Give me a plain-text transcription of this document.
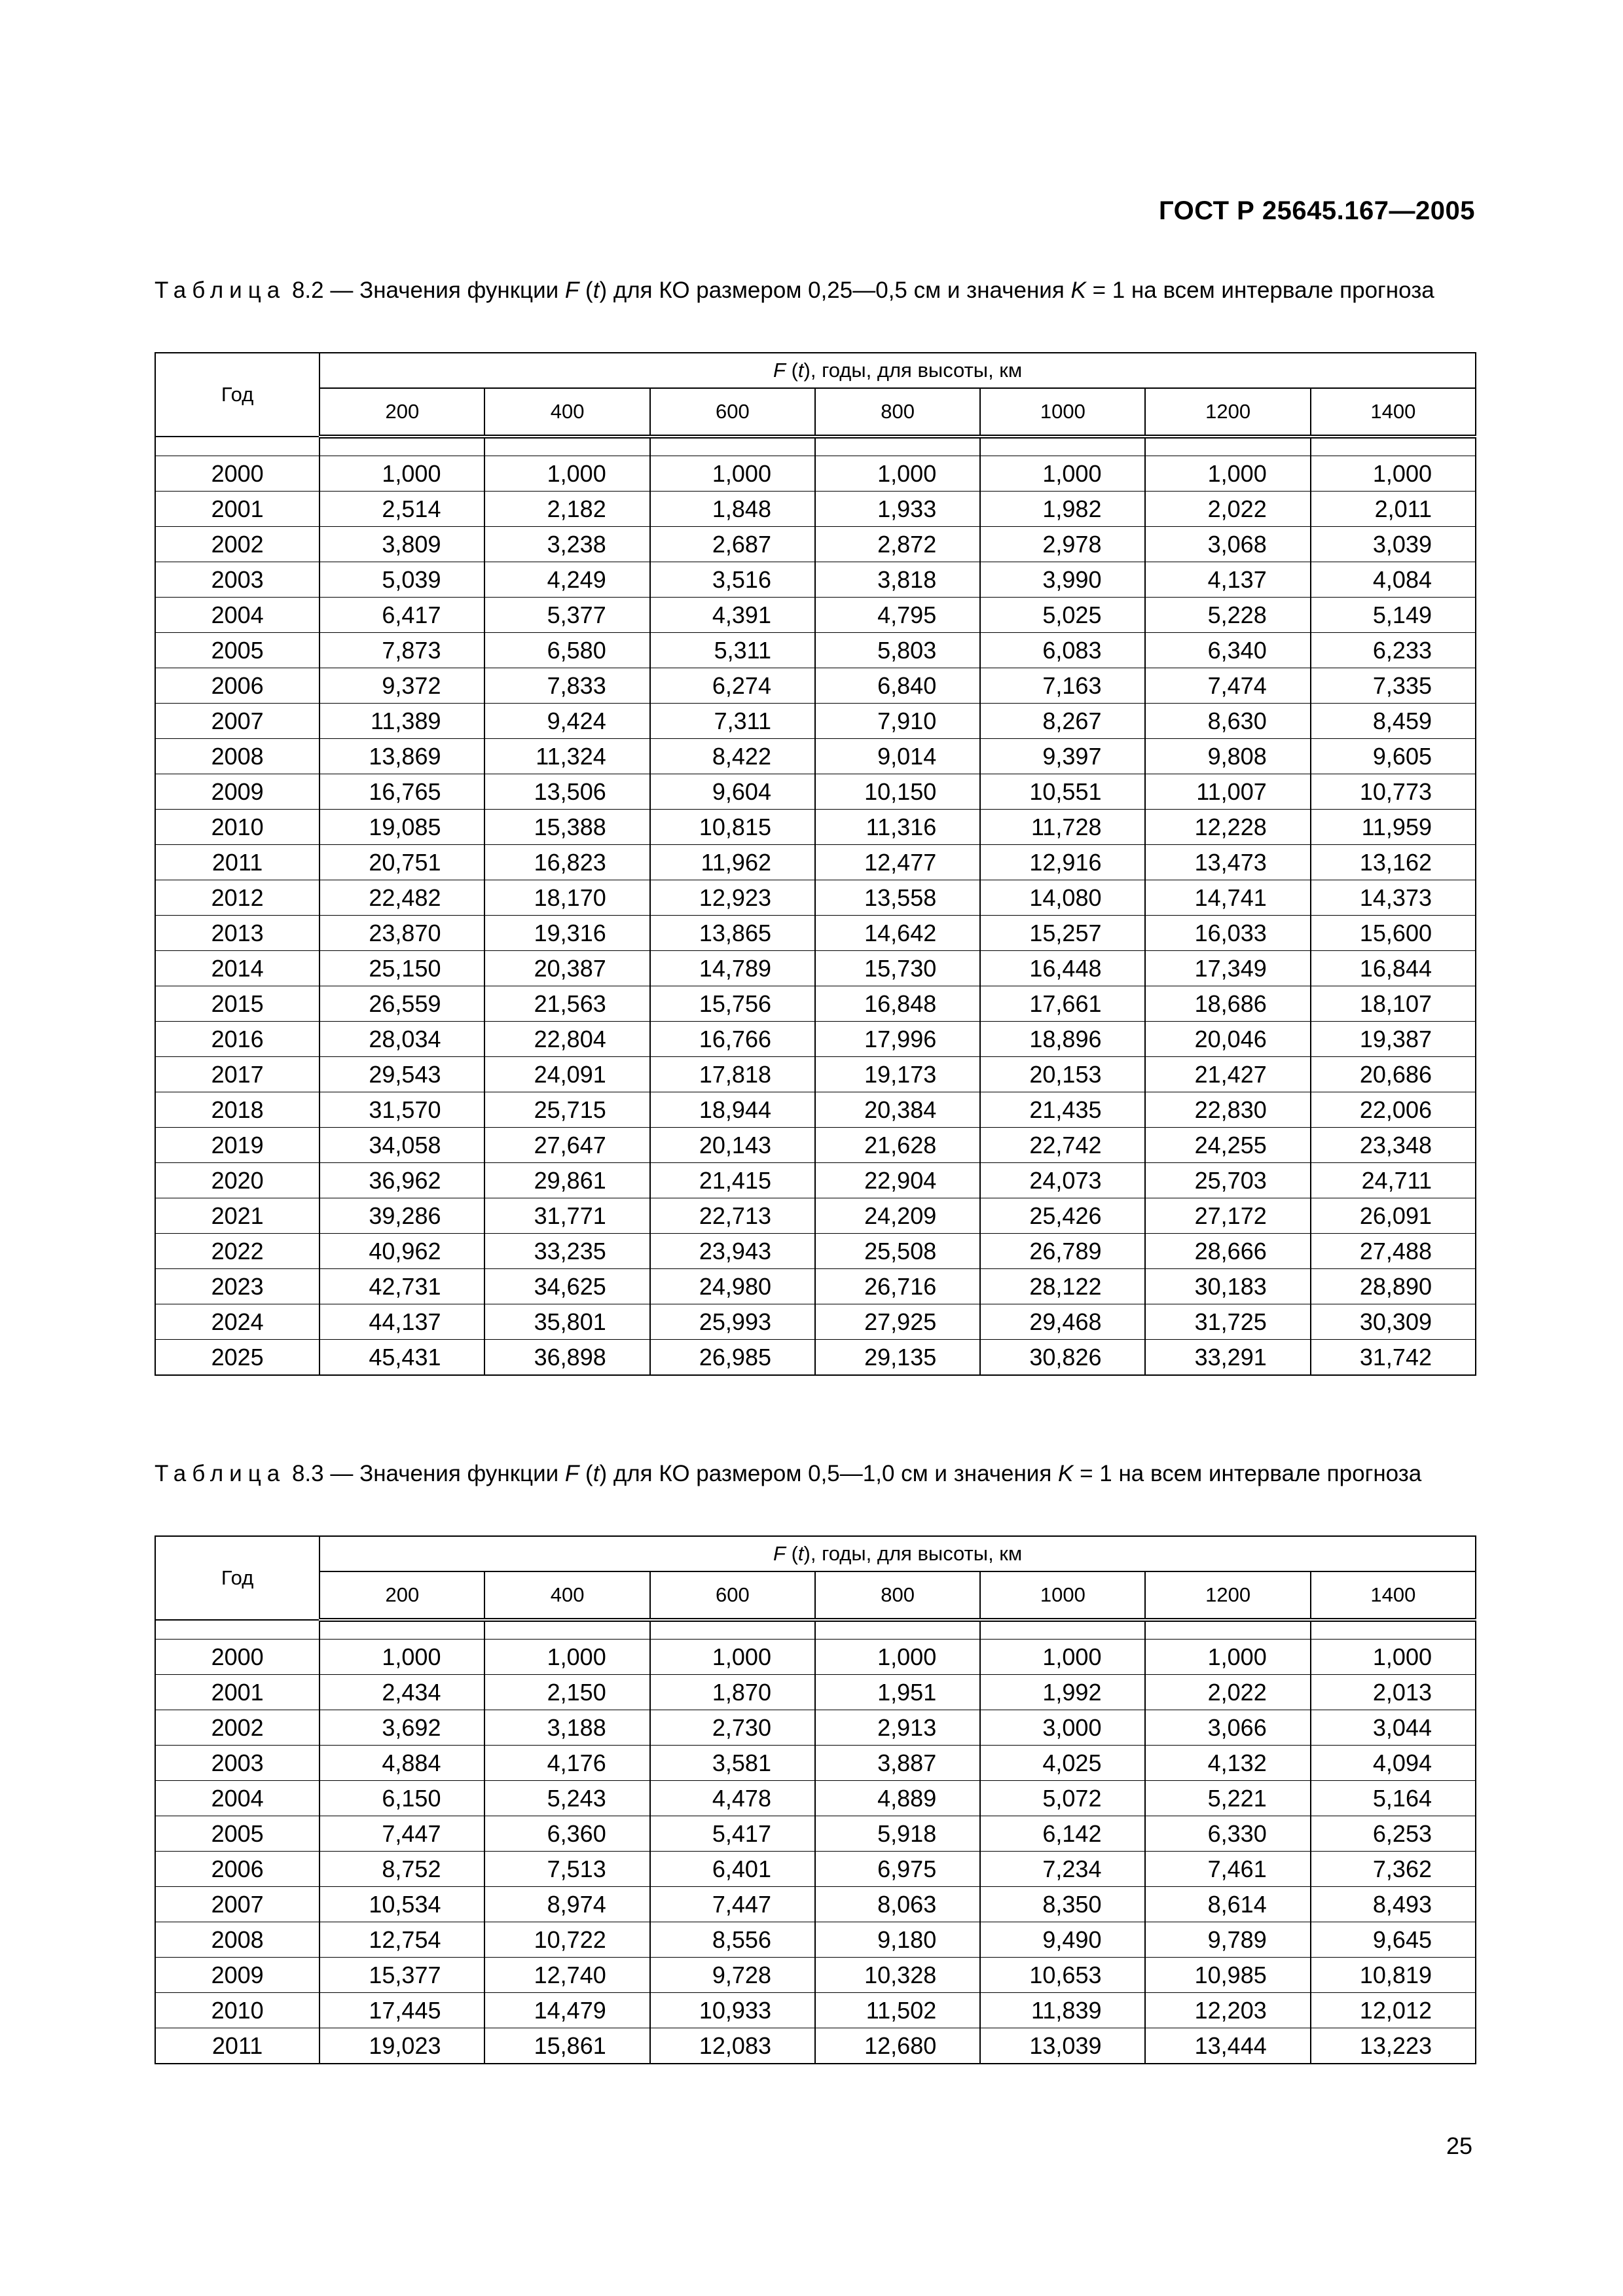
ГОСТ Р 25645.167—2005
Таблица 8.2 — Значения функции F (t) для КО размером 0,25—0,5 см и значения K = 1 на всем интервале прогноза
Год	F (t), годы, для высоты, км						
	200	400	600	800	1000	1200	1400

2000	1,000	1,000	1,000	1,000	1,000	1,000	1,000
2001	2,514	2,182	1,848	1,933	1,982	2,022	2,011
2002	3,809	3,238	2,687	2,872	2,978	3,068	3,039
2003	5,039	4,249	3,516	3,818	3,990	4,137	4,084
2004	6,417	5,377	4,391	4,795	5,025	5,228	5,149
2005	7,873	6,580	5,311	5,803	6,083	6,340	6,233
2006	9,372	7,833	6,274	6,840	7,163	7,474	7,335
2007	11,389	9,424	7,311	7,910	8,267	8,630	8,459
2008	13,869	11,324	8,422	9,014	9,397	9,808	9,605
2009	16,765	13,506	9,604	10,150	10,551	11,007	10,773
2010	19,085	15,388	10,815	11,316	11,728	12,228	11,959
2011	20,751	16,823	11,962	12,477	12,916	13,473	13,162
2012	22,482	18,170	12,923	13,558	14,080	14,741	14,373
2013	23,870	19,316	13,865	14,642	15,257	16,033	15,600
2014	25,150	20,387	14,789	15,730	16,448	17,349	16,844
2015	26,559	21,563	15,756	16,848	17,661	18,686	18,107
2016	28,034	22,804	16,766	17,996	18,896	20,046	19,387
2017	29,543	24,091	17,818	19,173	20,153	21,427	20,686
2018	31,570	25,715	18,944	20,384	21,435	22,830	22,006
2019	34,058	27,647	20,143	21,628	22,742	24,255	23,348
2020	36,962	29,861	21,415	22,904	24,073	25,703	24,711
2021	39,286	31,771	22,713	24,209	25,426	27,172	26,091
2022	40,962	33,235	23,943	25,508	26,789	28,666	27,488
2023	42,731	34,625	24,980	26,716	28,122	30,183	28,890
2024	44,137	35,801	25,993	27,925	29,468	31,725	30,309
2025	45,431	36,898	26,985	29,135	30,826	33,291	31,742
Таблица 8.3 — Значения функции F (t) для КО размером 0,5—1,0 см и значения K = 1 на всем интервале прогноза
Год	F (t), годы, для высоты, км						
	200	400	600	800	1000	1200	1400

2000	1,000	1,000	1,000	1,000	1,000	1,000	1,000
2001	2,434	2,150	1,870	1,951	1,992	2,022	2,013
2002	3,692	3,188	2,730	2,913	3,000	3,066	3,044
2003	4,884	4,176	3,581	3,887	4,025	4,132	4,094
2004	6,150	5,243	4,478	4,889	5,072	5,221	5,164
2005	7,447	6,360	5,417	5,918	6,142	6,330	6,253
2006	8,752	7,513	6,401	6,975	7,234	7,461	7,362
2007	10,534	8,974	7,447	8,063	8,350	8,614	8,493
2008	12,754	10,722	8,556	9,180	9,490	9,789	9,645
2009	15,377	12,740	9,728	10,328	10,653	10,985	10,819
2010	17,445	14,479	10,933	11,502	11,839	12,203	12,012
2011	19,023	15,861	12,083	12,680	13,039	13,444	13,223
25
